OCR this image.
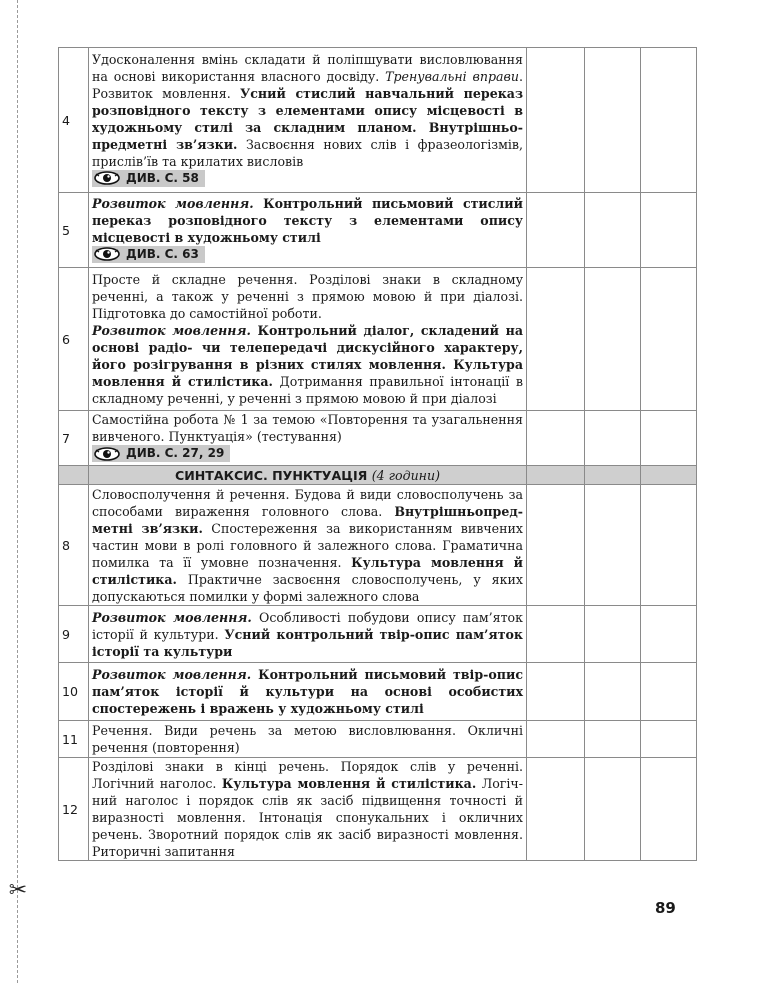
✂
4	Удосконалення вмінь складати й поліпшувати висловлювання на основі використання власного досвіду. Тренувальні вправи. Розвиток мовлення. Усний стислий навчальний переказ розповідного тексту з елементами опису місцевості в художньому стилі за складним планом. Внутрішньопредметні зв’язки. Засвоєння нових слів і фразеологізмів, прислів’їв та крилатих висловів

ДИВ. С. 58			

5	Розвиток мовлення. Контрольний письмовий стислий переказ розповідного тексту з елементами опису місцевості в художньому стилі

ДИВ. С. 63			

6	Просте й складне речення. Розділові знаки в складному реченні, а також у реченні з прямою мовою й при діалозі. Підготовка до самостійної роботи.
Розвиток мовлення. Контрольний діалог, складений на основі радіо- чи телепередачі дискусійного характеру, його розігрування в різних стилях мовлення. Культура мовлення й стилістика. Дотримання правильної інтонації в складному реченні, у реченні з прямою мовою й при діалозі			
7	Самостійна робота № 1 за темою «Повторення та узагальнення вивченого. Пунктуація» (тестування)

ДИВ. С. 27, 29			

	СИНТАКСИС. ПУНКТУАЦІЯ (4 години)			
8	Словосполучення й речення. Будова й види словосполучень за способами вираження головного слова. Внутрішньопредметні зв’язки. Спостереження за використанням вивчених частин мови в ролі головного й залежного слова. Граматична помилка та її умовне позначення. Культура мовлення й стилістика. Практичне засвоєння словосполучень, у яких допускаються помилки у формі залежного слова			
9	Розвиток мовлення. Особливості побудови опису пам’яток історії й культури. Усний контрольний твір-опис пам’яток історії та культури			
10	Розвиток мовлення. Контрольний письмовий твір-опис пам’яток історії й культури на основі особистих спостережень і вражень у художньому стилі			
11	Речення. Види речень за метою висловлювання. Окличні речення (повторення)			
12	Розділові знаки в кінці речень. Порядок слів у реченні. Логічний наголос. Культура мовлення й стилістика. Логічний наголос і порядок слів як засіб підвищення точності й виразності мовлення. Інтонація спонукальних і окличних речень. Зворотний порядок слів як засіб виразності мовлення. Риторичні запитання			
89
